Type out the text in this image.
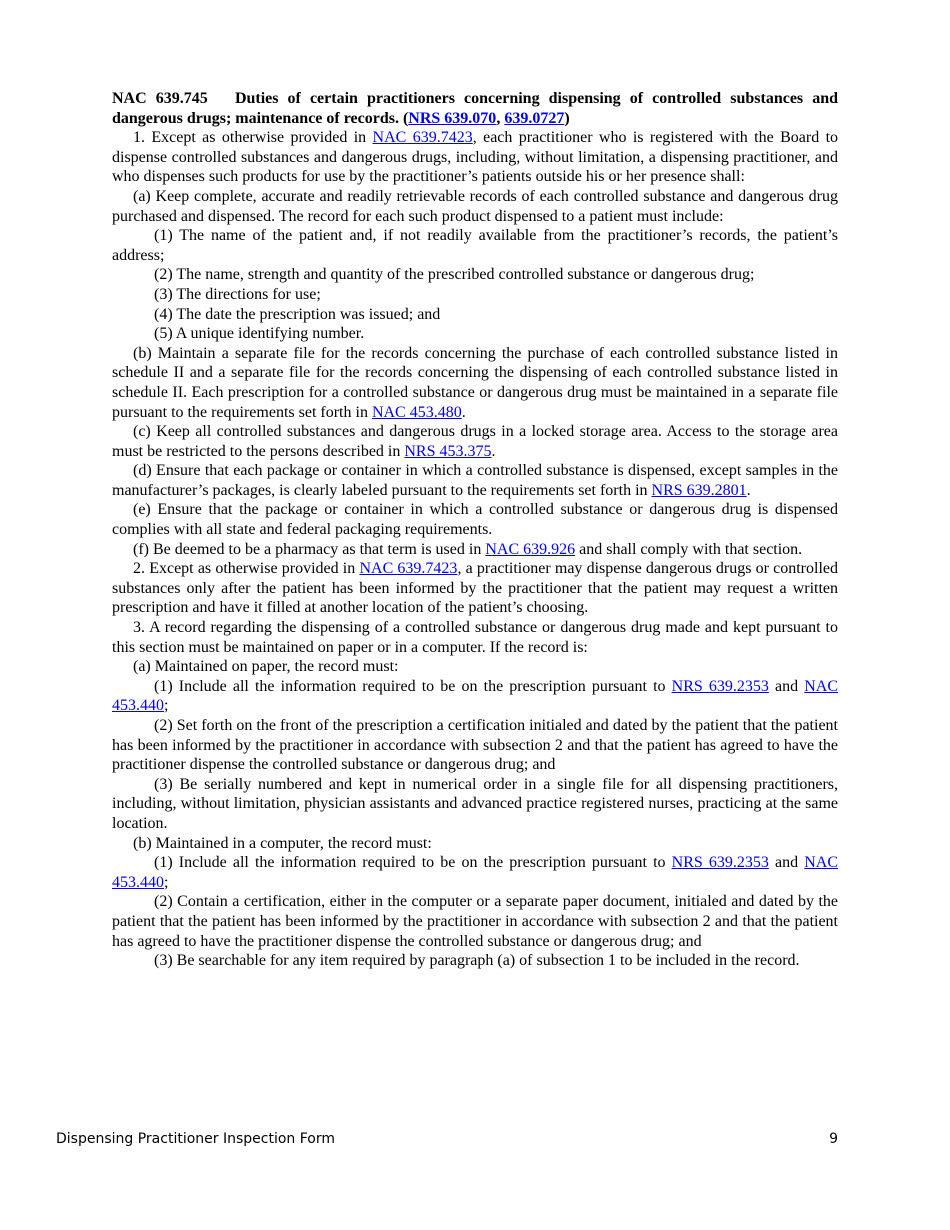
NAC 639.745 Duties of certain practitioners concerning dispensing of controlled substances and dangerous drugs; maintenance of records. (NRS 639.070, 639.0727)

1. Except as otherwise provided in NAC 639.7423, each practitioner who is registered with the Board to dispense controlled substances and dangerous drugs, including, without limitation, a dispensing practitioner, and who dispenses such products for use by the practitioner’s patients outside his or her presence shall:

(a) Keep complete, accurate and readily retrievable records of each controlled substance and dangerous drug purchased and dispensed. The record for each such product dispensed to a patient must include:

(1) The name of the patient and, if not readily available from the practitioner’s records, the patient’s address;

(2) The name, strength and quantity of the prescribed controlled substance or dangerous drug;

(3) The directions for use;

(4) The date the prescription was issued; and

(5) A unique identifying number.

(b) Maintain a separate file for the records concerning the purchase of each controlled substance listed in schedule II and a separate file for the records concerning the dispensing of each controlled substance listed in schedule II. Each prescription for a controlled substance or dangerous drug must be maintained in a separate file pursuant to the requirements set forth in NAC 453.480.

(c) Keep all controlled substances and dangerous drugs in a locked storage area. Access to the storage area must be restricted to the persons described in NRS 453.375.

(d) Ensure that each package or container in which a controlled substance is dispensed, except samples in the manufacturer’s packages, is clearly labeled pursuant to the requirements set forth in NRS 639.2801.

(e) Ensure that the package or container in which a controlled substance or dangerous drug is dispensed complies with all state and federal packaging requirements.

(f) Be deemed to be a pharmacy as that term is used in NAC 639.926 and shall comply with that section.

2. Except as otherwise provided in NAC 639.7423, a practitioner may dispense dangerous drugs or controlled substances only after the patient has been informed by the practitioner that the patient may request a written prescription and have it filled at another location of the patient’s choosing.

3. A record regarding the dispensing of a controlled substance or dangerous drug made and kept pursuant to this section must be maintained on paper or in a computer. If the record is:

(a) Maintained on paper, the record must:

(1) Include all the information required to be on the prescription pursuant to NRS 639.2353 and NAC 453.440;

(2) Set forth on the front of the prescription a certification initialed and dated by the patient that the patient has been informed by the practitioner in accordance with subsection 2 and that the patient has agreed to have the practitioner dispense the controlled substance or dangerous drug; and

(3) Be serially numbered and kept in numerical order in a single file for all dispensing practitioners, including, without limitation, physician assistants and advanced practice registered nurses, practicing at the same location.

(b) Maintained in a computer, the record must:

(1) Include all the information required to be on the prescription pursuant to NRS 639.2353 and NAC 453.440;

(2) Contain a certification, either in the computer or a separate paper document, initialed and dated by the patient that the patient has been informed by the practitioner in accordance with subsection 2 and that the patient has agreed to have the practitioner dispense the controlled substance or dangerous drug; and

(3) Be searchable for any item required by paragraph (a) of subsection 1 to be included in the record.

Dispensing Practitioner Inspection Form	9
